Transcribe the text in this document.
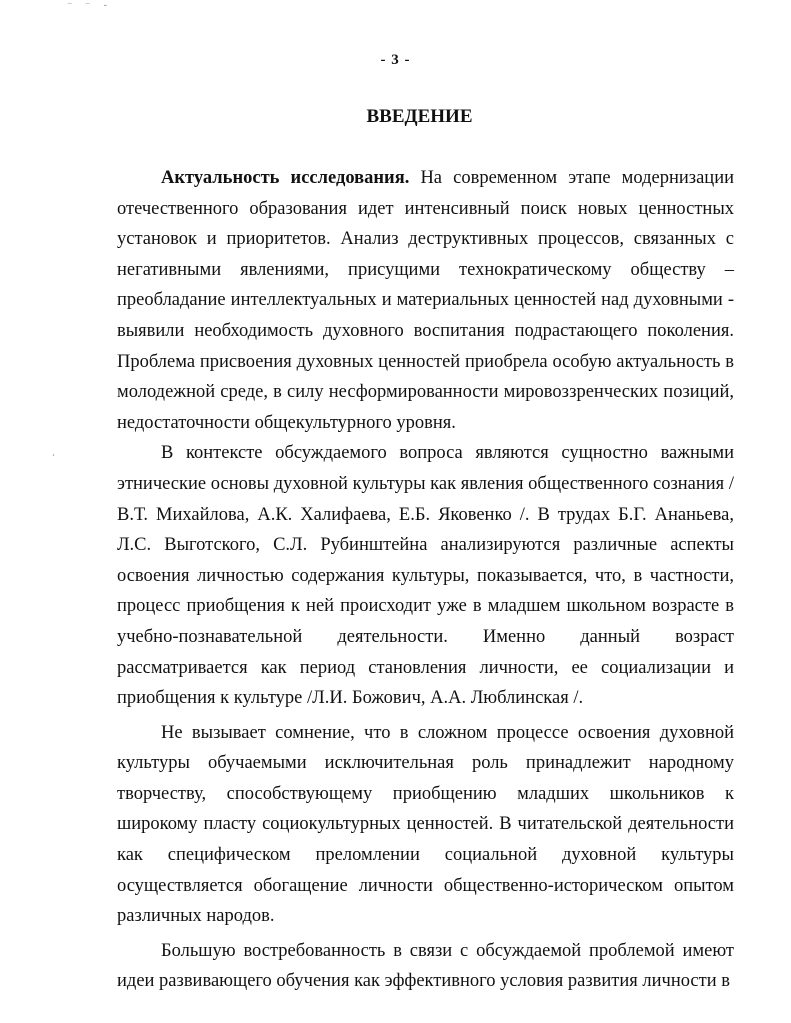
‾ ‾ ˘
- 3 -
ВВЕДЕНИЕ
‘

Актуальность исследования. На современном этапе модернизации отечественного образования идет интенсивный поиск новых ценностных установок и приоритетов. Анализ деструктивных процессов, связанных с негативными явлениями, присущими технократическому обществу – преобладание интеллектуальных и материальных ценностей над духовными - выявили необходимость духовного воспитания подрастающего поколения. Проблема присвоения духовных ценностей приобрела особую актуальность в молодежной среде, в силу несформированности мировоззренческих позиций, недостаточности общекультурного уровня.

В контексте обсуждаемого вопроса являются сущностно важными этнические основы духовной культуры как явления общественного сознания /В.Т. Михайлова, А.К. Халифаева, Е.Б. Яковенко /. В трудах Б.Г. Ананьева, Л.С. Выготского, С.Л. Рубинштейна анализируются различные аспекты освоения личностью содержания культуры, показывается, что, в частности, процесс приобщения к ней происходит уже в младшем школьном возрасте в учебно-познавательной деятельности. Именно данный возраст рассматривается как период становления личности, ее социализации и приобщения к культуре /Л.И. Божович, А.А. Люблинская /.

Не вызывает сомнение, что в сложном процессе освоения духовной культуры обучаемыми исключительная роль принадлежит народному творчеству, способствующему приобщению младших школьников к широкому пласту социокультурных ценностей. В читательской деятельности как специфическом преломлении социальной духовной культуры осуществляется обогащение личности общественно-историческом опытом различных народов.

Большую востребованность в связи с обсуждаемой проблемой имеют идеи развивающего обучения как эффективного условия развития личности в
